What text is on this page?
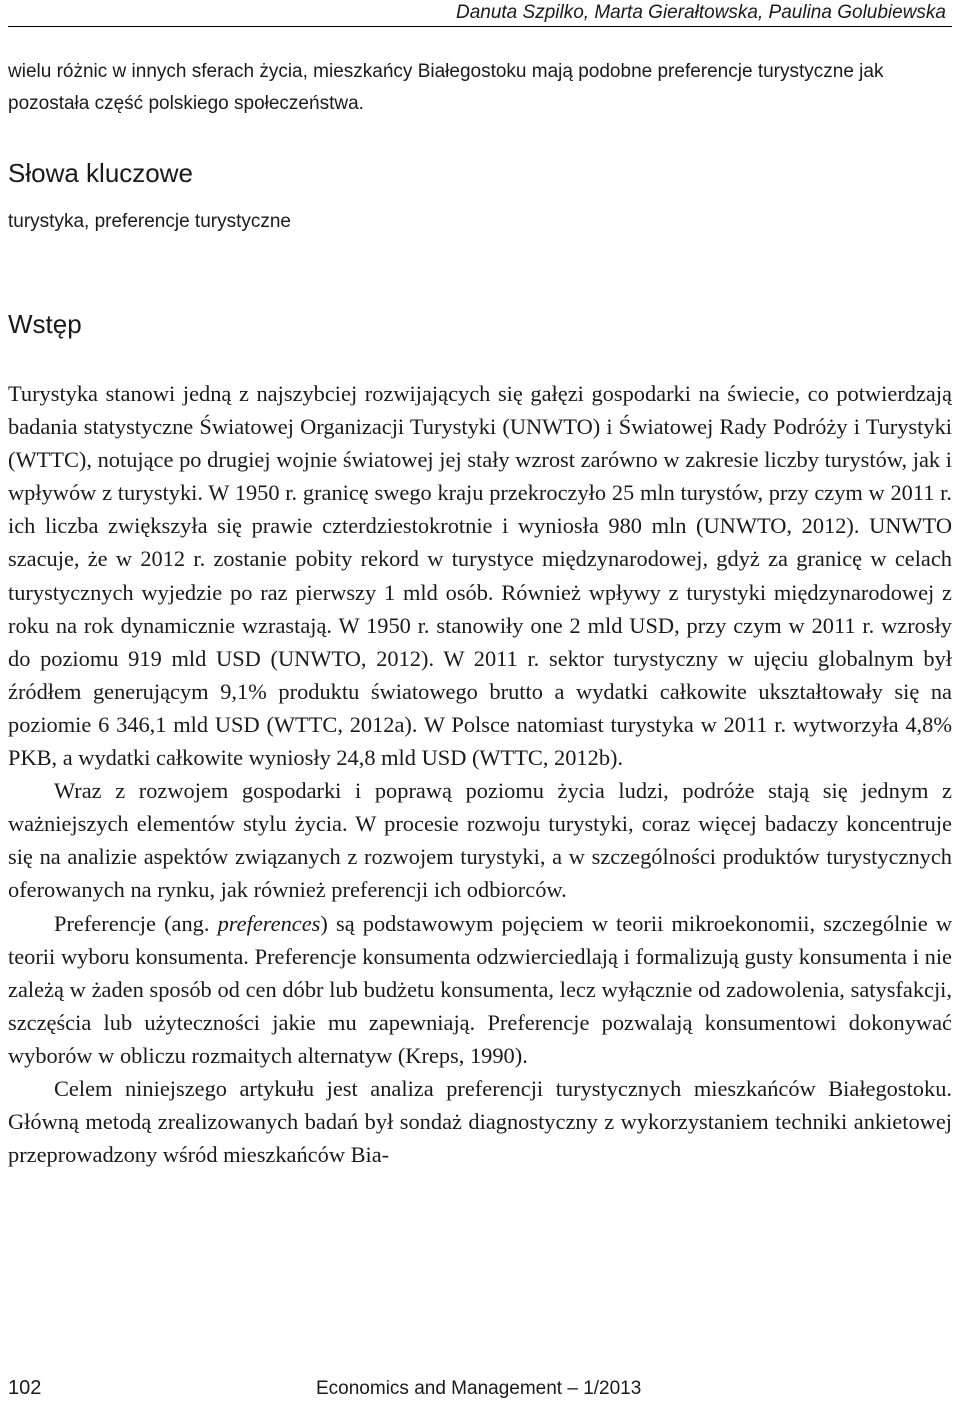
Danuta Szpilko, Marta Gierałtowska, Paulina Golubiewska
wielu różnic w innych sferach życia, mieszkańcy Białegostoku mają podobne preferencje turystyczne jak pozostała część polskiego społeczeństwa.
Słowa kluczowe
turystyka, preferencje turystyczne
Wstęp

Turystyka stanowi jedną z najszybciej rozwijających się gałęzi gospodarki na świecie, co potwierdzają badania statystyczne Światowej Organizacji Turystyki (UNWTO) i Światowej Rady Podróży i Turystyki (WTTC), notujące po drugiej wojnie światowej jej stały wzrost zarówno w zakresie liczby turystów, jak i wpływów z turystyki. W 1950 r. granicę swego kraju przekroczyło 25 mln turystów, przy czym w 2011 r. ich liczba zwiększyła się prawie czterdziestokrotnie i wyniosła 980 mln (UNWTO, 2012). UNWTO szacuje, że w 2012 r. zostanie pobity rekord w turystyce międzynarodowej, gdyż za granicę w celach turystycznych wyjedzie po raz pierwszy 1 mld osób. Również wpływy z turystyki międzynarodowej z roku na rok dynamicznie wzrastają. W 1950 r. stanowiły one 2 mld USD, przy czym w 2011 r. wzrosły do poziomu 919 mld USD (UNWTO, 2012). W 2011 r. sektor turystyczny w ujęciu globalnym był źródłem generującym 9,1% produktu światowego brutto a wydatki całkowite ukształtowały się na poziomie 6 346,1 mld USD (WTTC, 2012a). W Polsce natomiast turystyka w 2011 r. wytworzyła 4,8% PKB, a wydatki całkowite wyniosły 24,8 mld USD (WTTC, 2012b).

Wraz z rozwojem gospodarki i poprawą poziomu życia ludzi, podróże stają się jednym z ważniejszych elementów stylu życia. W procesie rozwoju turystyki, coraz więcej badaczy koncentruje się na analizie aspektów związanych z rozwojem turystyki, a w szczególności produktów turystycznych oferowanych na rynku, jak również preferencji ich odbiorców.

Preferencje (ang. preferences) są podstawowym pojęciem w teorii mikroekonomii, szczególnie w teorii wyboru konsumenta. Preferencje konsumenta odzwierciedlają i formalizują gusty konsumenta i nie zależą w żaden sposób od cen dóbr lub budżetu konsumenta, lecz wyłącznie od zadowolenia, satysfakcji, szczęścia lub użyteczności jakie mu zapewniają. Preferencje pozwalają konsumentowi dokonywać wyborów w obliczu rozmaitych alternatyw (Kreps, 1990).

Celem niniejszego artykułu jest analiza preferencji turystycznych mieszkańców Białegostoku. Główną metodą zrealizowanych badań był sondaż diagnostyczny z wykorzystaniem techniki ankietowej przeprowadzony wśród mieszkańców Bia-

102	Economics and Management – 1/2013
